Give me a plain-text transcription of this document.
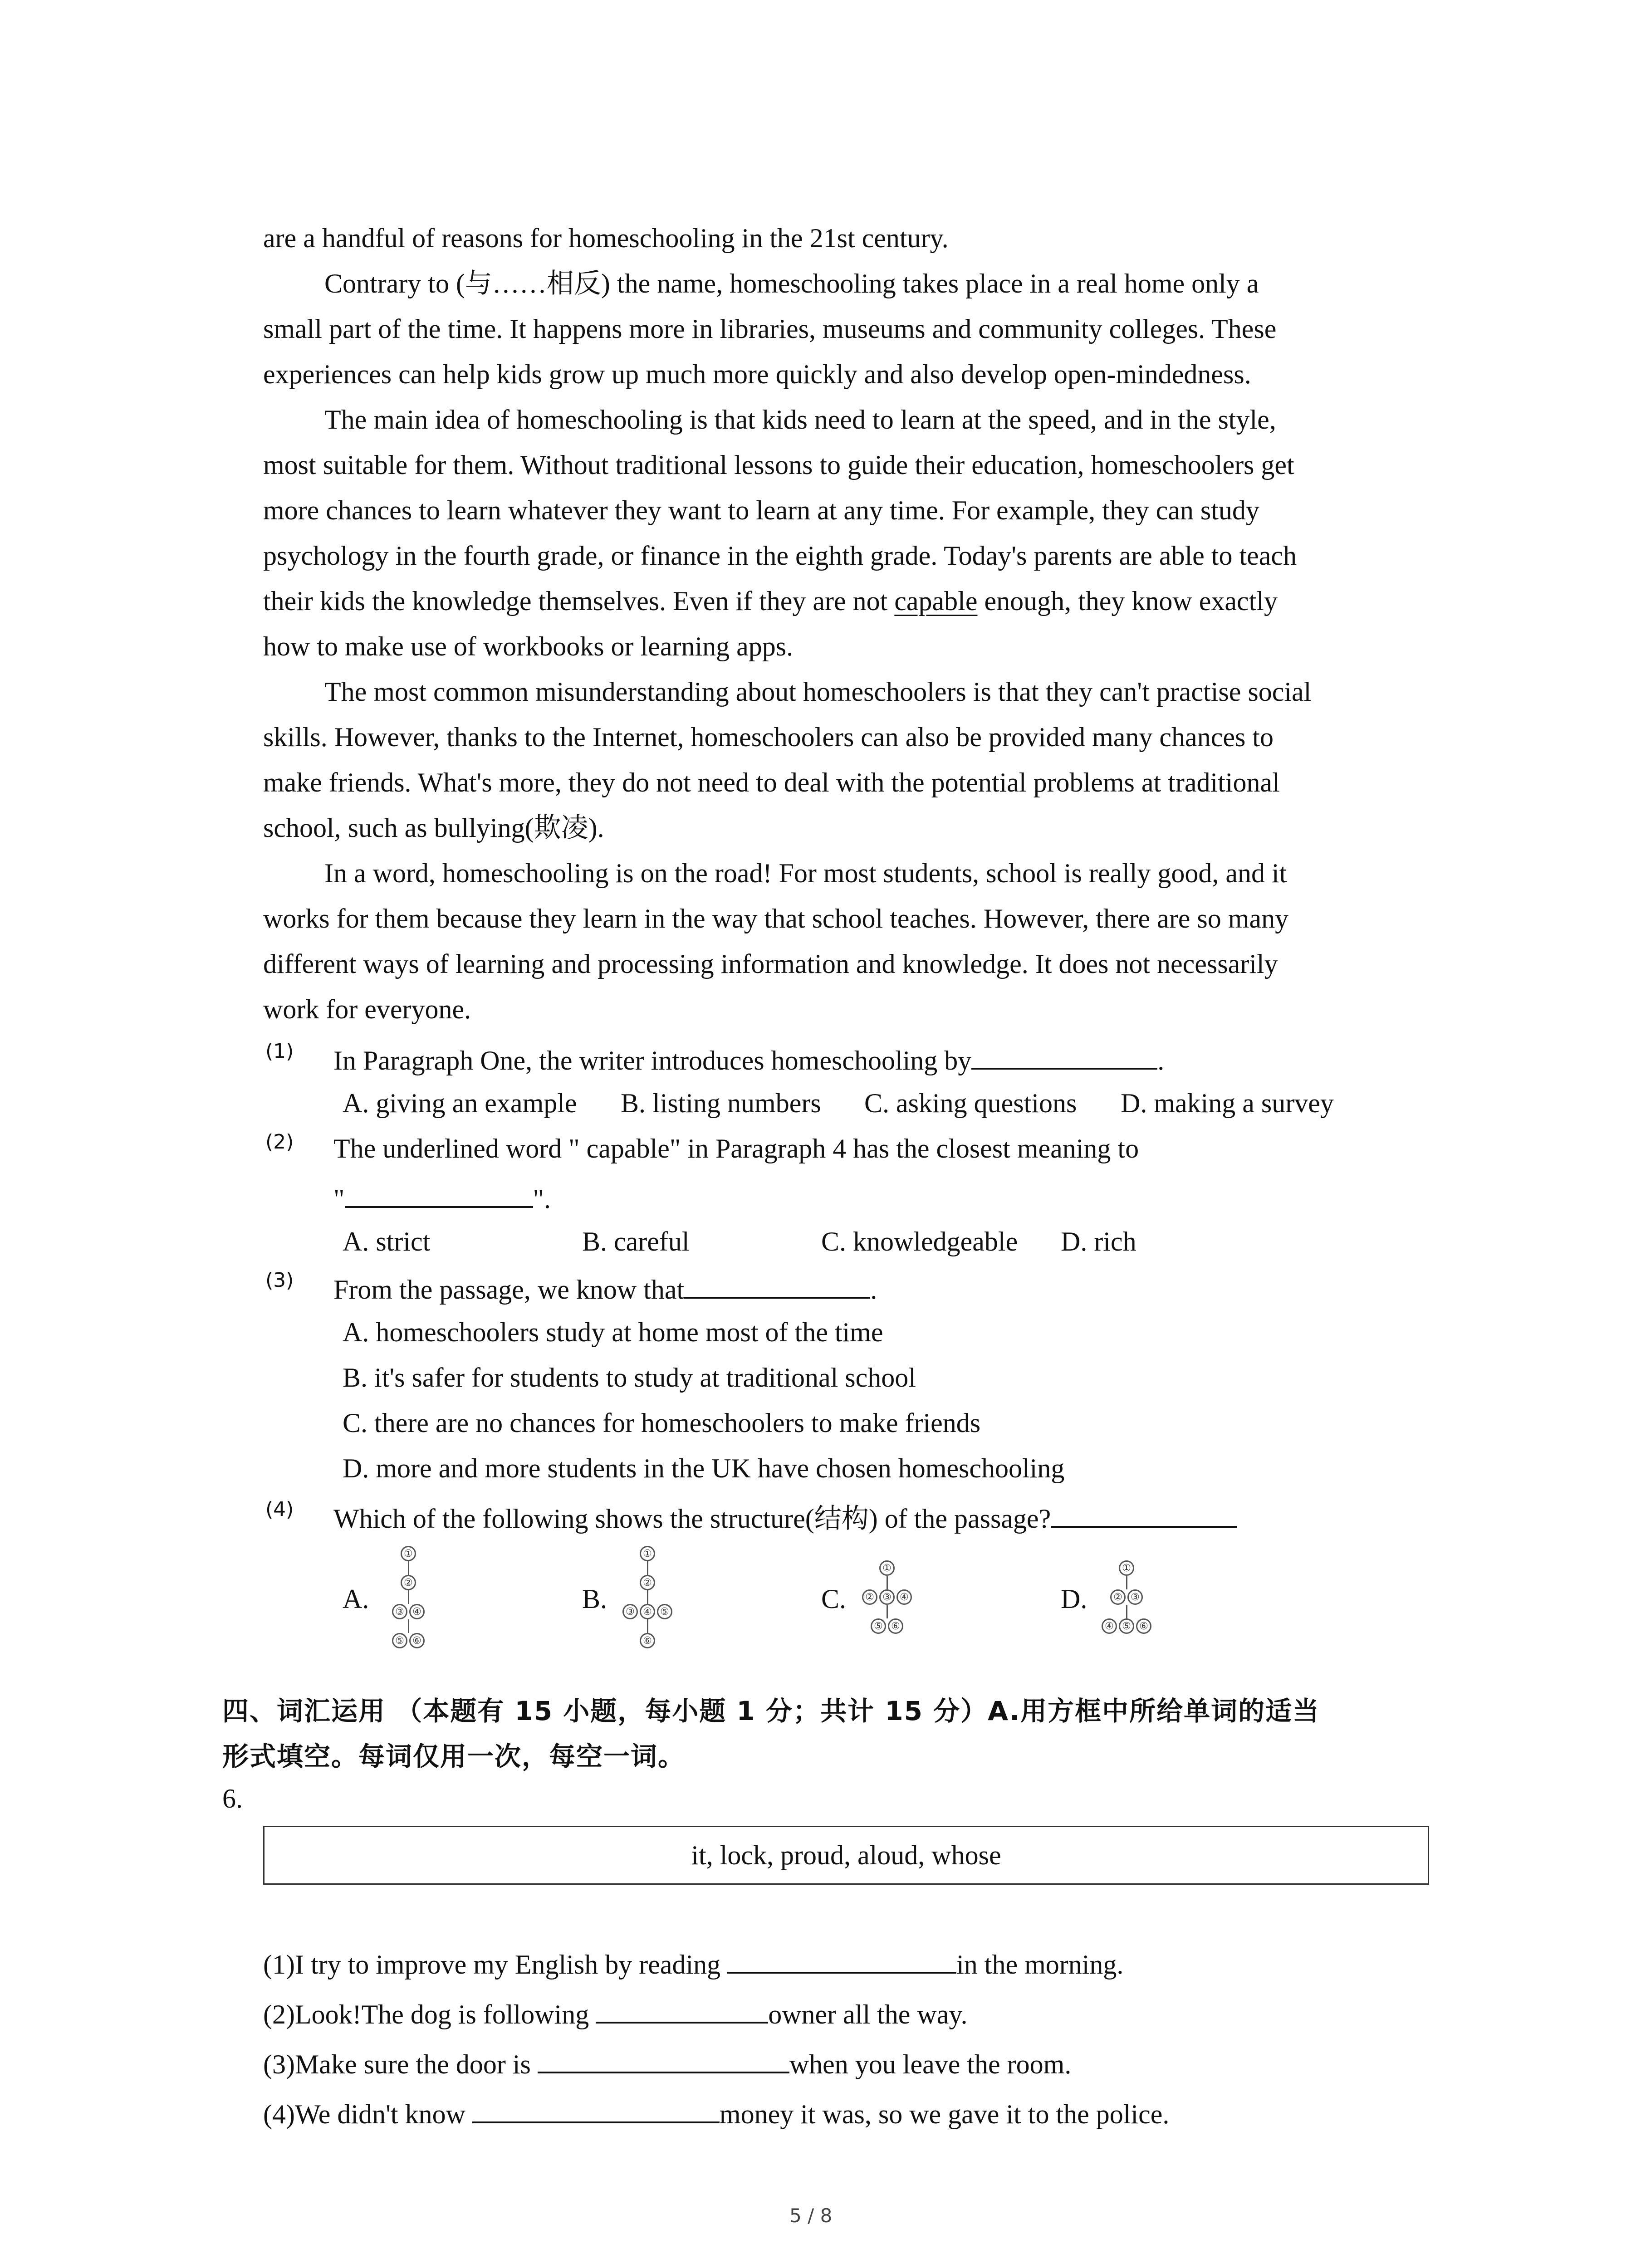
are a handful of reasons for homeschooling in the 21st century.
Contrary to (与……相反) the name, homeschooling takes place in a real home only a
small part of the time. It happens more in libraries, museums and community colleges. These
experiences can help kids grow up much more quickly and also develop open-mindedness.
The main idea of homeschooling is that kids need to learn at the speed, and in the style,
most suitable for them. Without traditional lessons to guide their education, homeschoolers get
more chances to learn whatever they want to learn at any time. For example, they can study
psychology in the fourth grade, or finance in the eighth grade. Today's parents are able to teach
their kids the knowledge themselves. Even if they are not capable enough, they know exactly
how to make use of workbooks or learning apps.
The most common misunderstanding about homeschoolers is that they can't practise social
skills. However, thanks to the Internet, homeschoolers can also be provided many chances to
make friends. What's more, they do not need to deal with the potential problems at traditional
school, such as bullying(欺凌).
In a word, homeschooling is on the road! For most students, school is really good, and it
works for them because they learn in the way that school teaches. However, there are so many
different ways of learning and processing information and knowledge. It does not necessarily
work for everyone.
(1) In Paragraph One, the writer introduces homeschooling by	.
A. giving an example B. listing numbers C. asking questions D. making a survey
(2) The underlined word " capable" in Paragraph 4 has the closest meaning to
"	".
A. strict	B. careful	C. knowledgeable D. rich
(3) From the passage, we know that	.
A. homeschoolers study at home most of the time
B. it's safer for students to study at traditional school
C. there are no chances for homeschoolers to make friends
D. more and more students in the UK have chosen homeschooling
(4) Which of the following shows the structure(结构) of the passage?
A.	B.	C.	D.
①
②
③ ④
⑤ ⑥
①
②
③ ④ ⑤
⑥
①
② ③ ④
⑤ ⑥
①
② ③
④ ⑤ ⑥
四、词汇运用 （本题有 15 小题，每小题 1 分；共计 15 分）A.用方框中所给单词的适当
形式填空。每词仅用一次，每空一词。
6.
it, lock, proud, aloud, whose
(1)I try to improve my English by reading	in the morning.
(2)Look!The dog is following	owner all the way.
(3)Make sure the door is	when you leave the room.
(4)We didn't know	money it was, so we gave it to the police.
5 / 8
